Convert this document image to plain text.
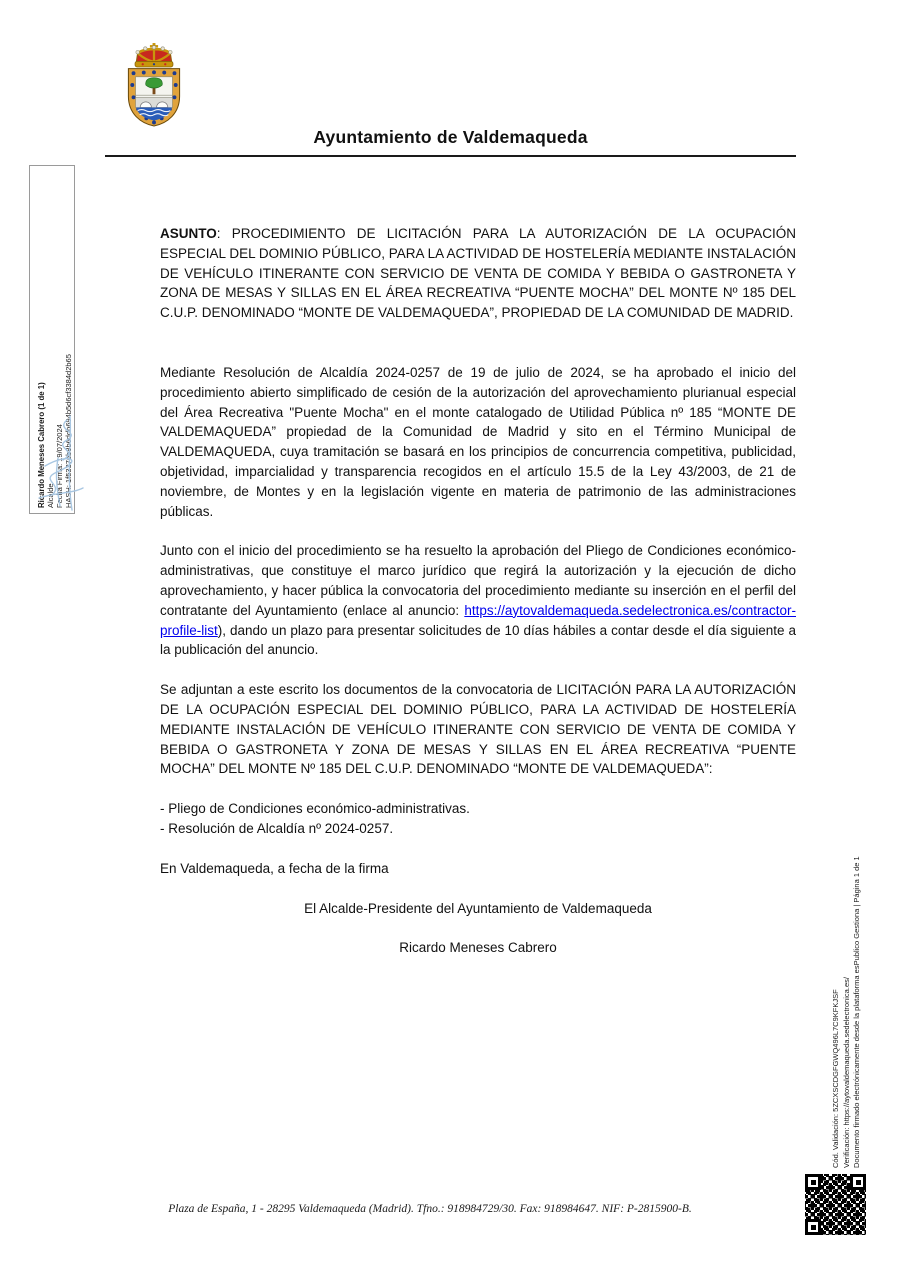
Ayuntamiento de Valdemaqueda
Ricardo Meneses Cabrero (1 de 1) Alcalde Fecha Firma: 19/07/2024 HASH: 1f53376b8b6ddb694b5d6cf3384d2b65

ASUNTO: PROCEDIMIENTO DE LICITACIÓN PARA LA AUTORIZACIÓN DE LA OCUPACIÓN ESPECIAL DEL DOMINIO PÚBLICO, PARA LA ACTIVIDAD DE HOSTELERÍA MEDIANTE INSTALACIÓN DE VEHÍCULO ITINERANTE CON SERVICIO DE VENTA DE COMIDA Y BEBIDA O GASTRONETA Y ZONA DE MESAS Y SILLAS EN EL ÁREA RECREATIVA “PUENTE MOCHA” DEL MONTE Nº 185 DEL C.U.P. DENOMINADO “MONTE DE VALDEMAQUEDA”, PROPIEDAD DE LA COMUNIDAD DE MADRID.

Mediante Resolución de Alcaldía 2024-0257 de 19 de julio de 2024, se ha aprobado el inicio del procedimiento abierto simplificado de cesión de la autorización del aprovechamiento plurianual especial del Área Recreativa "Puente Mocha" en el monte catalogado de Utilidad Pública nº 185 “MONTE DE VALDEMAQUEDA” propiedad de la Comunidad de Madrid y sito en el Término Municipal de VALDEMAQUEDA, cuya tramitación se basará en los principios de concurrencia competitiva, publicidad, objetividad, imparcialidad y transparencia recogidos en el artículo 15.5 de la Ley 43/2003, de 21 de noviembre, de Montes y en la legislación vigente en materia de patrimonio de las administraciones públicas.

Junto con el inicio del procedimiento se ha resuelto la aprobación del Pliego de Condiciones económico-administrativas, que constituye el marco jurídico que regirá la autorización y la ejecución de dicho aprovechamiento, y hacer pública la convocatoria del procedimiento mediante su inserción en el perfil del contratante del Ayuntamiento (enlace al anuncio: https://aytovaldemaqueda.sedelectronica.es/contractor-profile-list), dando un plazo para presentar solicitudes de 10 días hábiles a contar desde el día siguiente a la publicación del anuncio.

Se adjuntan a este escrito los documentos de la convocatoria de LICITACIÓN PARA LA AUTORIZACIÓN DE LA OCUPACIÓN ESPECIAL DEL DOMINIO PÚBLICO, PARA LA ACTIVIDAD DE HOSTELERÍA MEDIANTE INSTALACIÓN DE VEHÍCULO ITINERANTE CON SERVICIO DE VENTA DE COMIDA Y BEBIDA O GASTRONETA Y ZONA DE MESAS Y SILLAS EN EL ÁREA RECREATIVA “PUENTE MOCHA” DEL MONTE Nº 185 DEL C.U.P. DENOMINADO “MONTE DE VALDEMAQUEDA”:

- Pliego de Condiciones económico-administrativas.
- Resolución de Alcaldía nº 2024-0257.

En Valdemaqueda, a fecha de la firma

El Alcalde-Presidente del Ayuntamiento de Valdemaqueda

Ricardo Meneses Cabrero

Cód. Validación: 5ZCXSCDGFGWQ496L7C9KFKJSF Verificación: https://aytovaldemaqueda.sedelectronica.es/ Documento firmado electrónicamente desde la plataforma esPublico Gestiona | Página 1 de 1
Plaza de España, 1 - 28295 Valdemaqueda (Madrid). Tfno.: 918984729/30. Fax: 918984647. NIF: P-2815900-B.
